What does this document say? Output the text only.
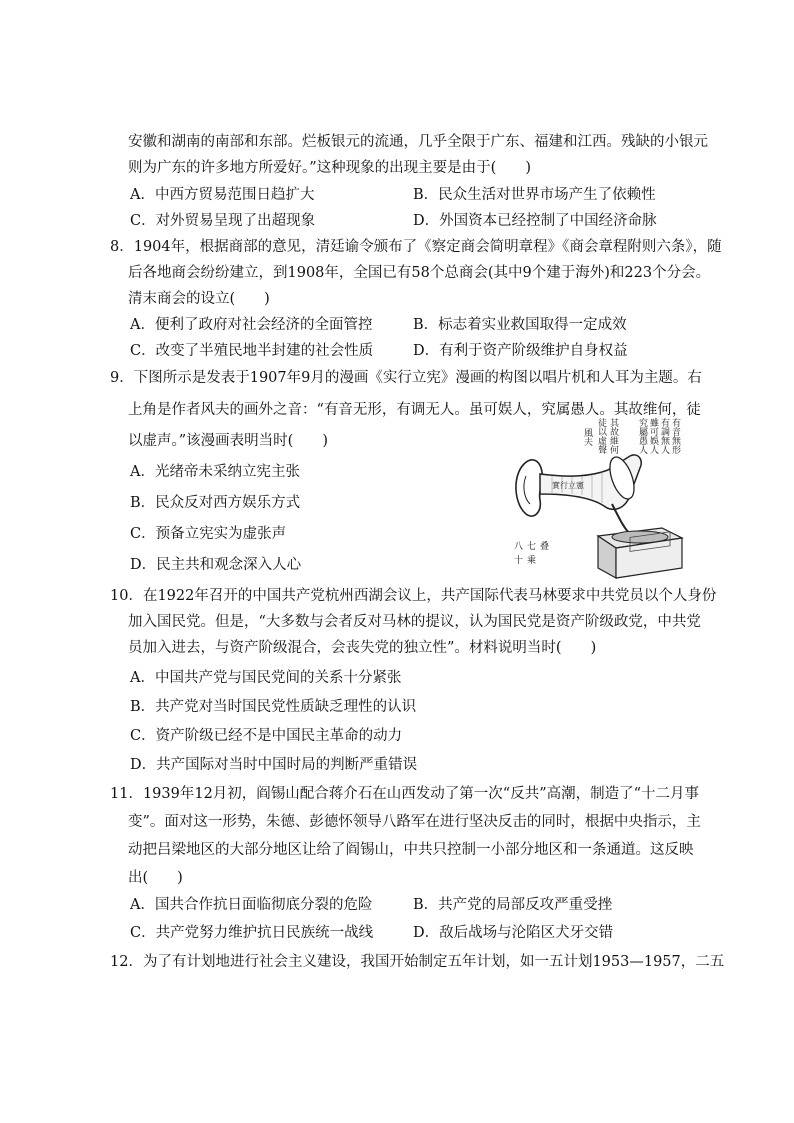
安徽和湖南的南部和东部。烂板银元的流通，几乎全限于广东、福建和江西。残缺的小银元
则为广东的许多地方所爱好。”这种现象的出现主要是由于(　　)
A．中西方贸易范围日趋扩大	B．民众生活对世界市场产生了依赖性
C．对外贸易呈现了出超现象	D．外国资本已经控制了中国经济命脉
8．1904年，根据商部的意见，清廷谕令颁布了《察定商会简明章程》《商会章程附则六条》，随
后各地商会纷纷建立，到1908年，全国已有58个总商会(其中9个建于海外)和223个分会。
清末商会的设立(　　)
A．便利了政府对社会经济的全面管控	B．标志着实业救国取得一定成效
C．改变了半殖民地半封建的社会性质	D．有利于资产阶级维护自身权益
9．下图所示是发表于1907年9月的漫画《实行立宪》漫画的构图以唱片机和人耳为主题。右
上角是作者风夫的画外之音：“有音无形，有调无人。虽可娱人，究属愚人。其故维何，徒
以虚声。”该漫画表明当时(　　)
A．光绪帝未采纳立宪主张
B．民众反对西方娱乐方式
C．预备立宪实为虚张声
D．民主共和观念深入人心
有音無形
有調無人
雖可娛人
究屬愚人
其故維何
徒以虛聲
風夫
實行立憲
八七叠十乘
10．在1922年召开的中国共产党杭州西湖会议上，共产国际代表马林要求中共党员以个人身份
加入国民党。但是，“大多数与会者反对马林的提议，认为国民党是资产阶级政党，中共党
员加入进去，与资产阶级混合，会丧失党的独立性”。材料说明当时(　　)
A．中国共产党与国民党间的关系十分紧张
B．共产党对当时国民党性质缺乏理性的认识
C．资产阶级已经不是中国民主革命的动力
D．共产国际对当时中国时局的判断严重错误
11．1939年12月初，阎锡山配合蒋介石在山西发动了第一次“反共”高潮，制造了“十二月事
变”。面对这一形势，朱德、彭德怀领导八路军在进行坚决反击的同时，根据中央指示，主
动把吕梁地区的大部分地区让给了阎锡山，中共只控制一小部分地区和一条通道。这反映
出(　　)
A．国共合作抗日面临彻底分裂的危险	B．共产党的局部反攻严重受挫
C．共产党努力维护抗日民族统一战线	D．敌后战场与沦陷区犬牙交错
12．为了有计划地进行社会主义建设，我国开始制定五年计划，如一五计划1953—1957，二五
